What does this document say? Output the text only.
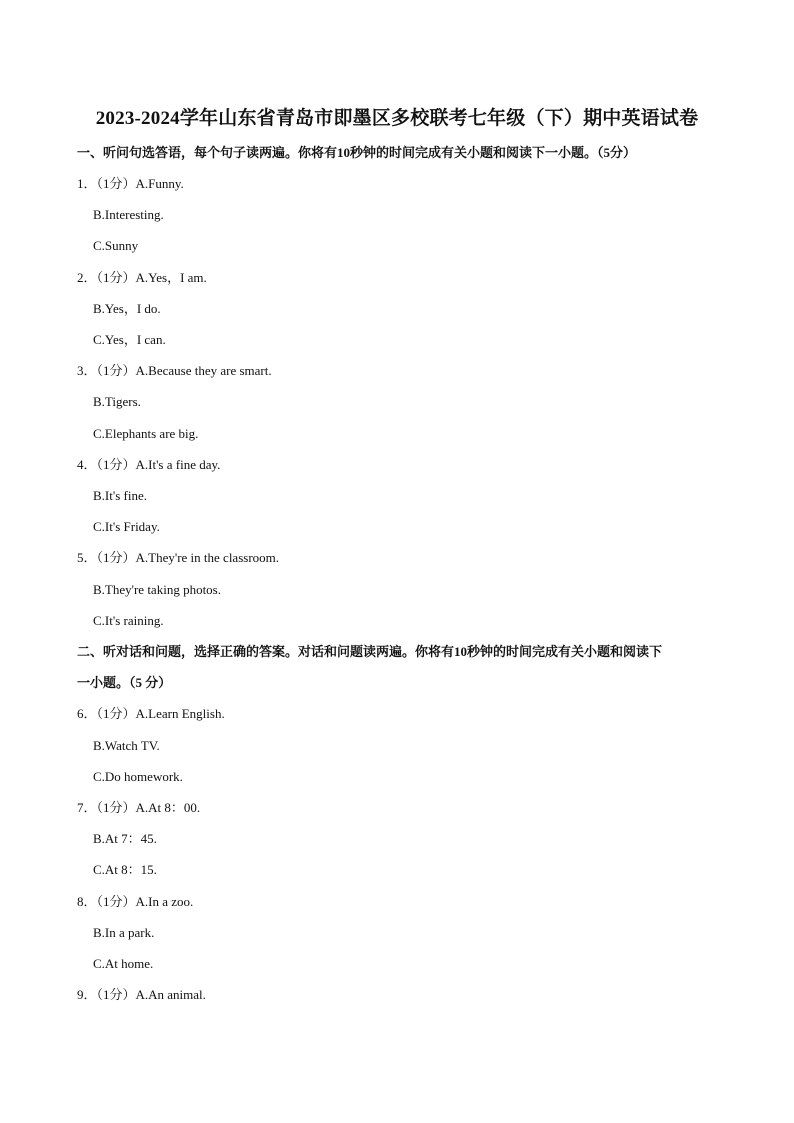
2023-2024学年山东省青岛市即墨区多校联考七年级（下）期中英语试卷
一、听问句选答语，每个句子读两遍。你将有10秒钟的时间完成有关小题和阅读下一小题。（5分）
1．（1分）A.Funny.
B.Interesting.
C.Sunny
2．（1分）A.Yes，I am.
B.Yes，I do.
C.Yes，I can.
3．（1分）A.Because they are smart.
B.Tigers.
C.Elephants are big.
4．（1分）A.It's a fine day.
B.It's fine.
C.It's Friday.
5．（1分）A.They're in the classroom.
B.They're taking photos.
C.It's raining.
二、听对话和问题，选择正确的答案。对话和问题读两遍。你将有10秒钟的时间完成有关小题和阅读下
一小题。（5 分）
6．（1分）A.Learn English.
B.Watch TV.
C.Do homework.
7．（1分）A.At 8：00.
B.At 7：45.
C.At 8：15.
8．（1分）A.In a zoo.
B.In a park.
C.At home.
9．（1分）A.An animal.
